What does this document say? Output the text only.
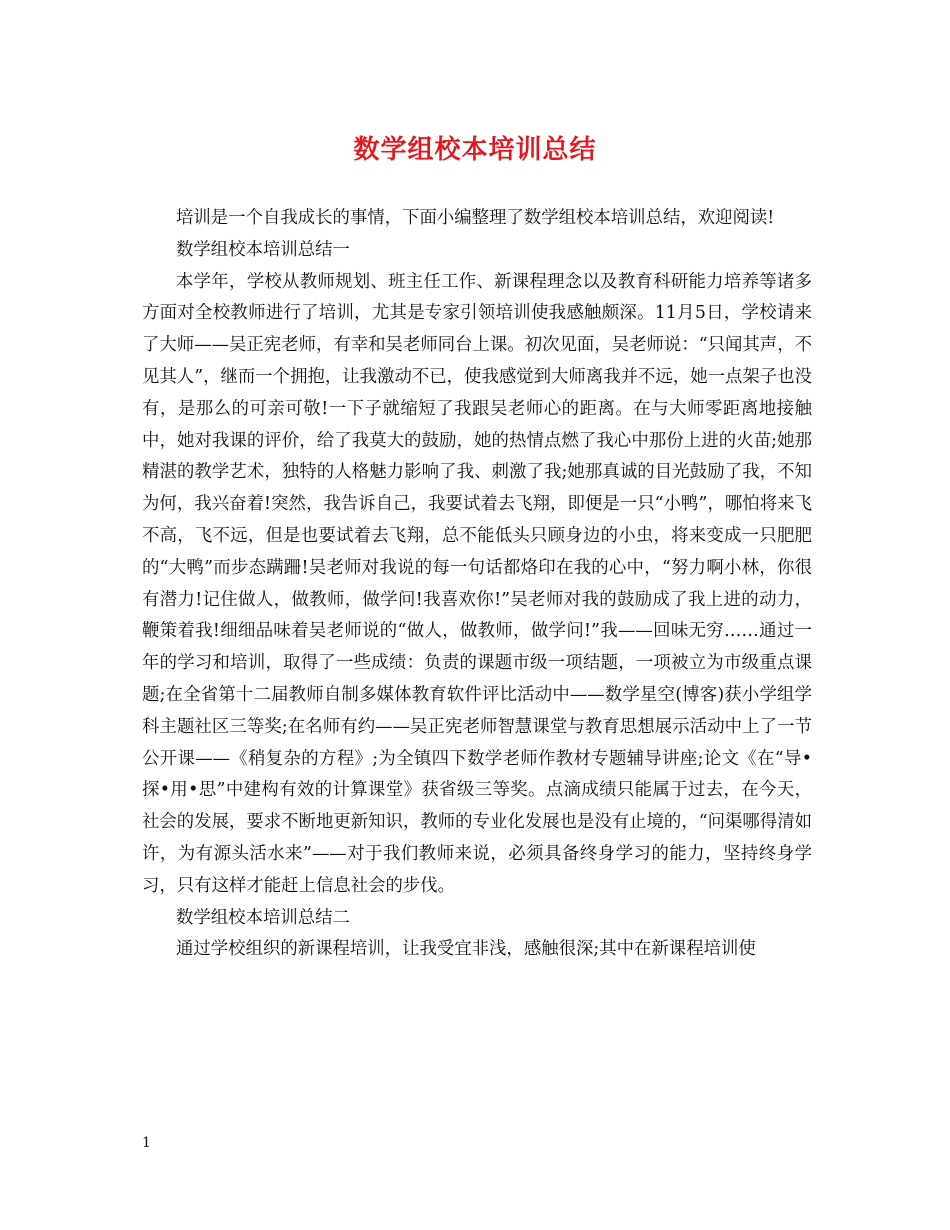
数学组校本培训总结

培训是一个自我成长的事情，下面小编整理了数学组校本培训总结，欢迎阅读!

数学组校本培训总结一

本学年，学校从教师规划、班主任工作、新课程理念以及教育科研能力培养等诸多方面对全校教师进行了培训，尤其是专家引领培训使我感触颇深。11月5日，学校请来了大师——吴正宪老师，有幸和吴老师同台上课。初次见面，吴老师说：“只闻其声，不见其人”，继而一个拥抱，让我激动不已，使我感觉到大师离我并不远，她一点架子也没有，是那么的可亲可敬!一下子就缩短了我跟吴老师心的距离。在与大师零距离地接触中，她对我课的评价，给了我莫大的鼓励，她的热情点燃了我心中那份上进的火苗;她那精湛的教学艺术，独特的人格魅力影响了我、刺激了我;她那真诚的目光鼓励了我，不知为何，我兴奋着!突然，我告诉自己，我要试着去飞翔，即便是一只“小鸭”，哪怕将来飞不高，飞不远，但是也要试着去飞翔，总不能低头只顾身边的小虫，将来变成一只肥肥的“大鸭”而步态蹒跚!吴老师对我说的每一句话都烙印在我的心中，“努力啊小林，你很有潜力!记住做人，做教师，做学问!我喜欢你!”吴老师对我的鼓励成了我上进的动力，鞭策着我!细细品味着吴老师说的“做人，做教师，做学问!”我——回味无穷……通过一年的学习和培训，取得了一些成绩：负责的课题市级一项结题，一项被立为市级重点课题;在全省第十二届教师自制多媒体教育软件评比活动中——数学星空(博客)获小学组学科主题社区三等奖;在名师有约——吴正宪老师智慧课堂与教育思想展示活动中上了一节公开课——《稍复杂的方程》;为全镇四下数学老师作教材专题辅导讲座;论文《在“导•探•用•思”中建构有效的计算课堂》获省级三等奖。点滴成绩只能属于过去，在今天，社会的发展，要求不断地更新知识，教师的专业化发展也是没有止境的，“问渠哪得清如许，为有源头活水来”——对于我们教师来说，必须具备终身学习的能力，坚持终身学习，只有这样才能赶上信息社会的步伐。

数学组校本培训总结二

通过学校组织的新课程培训，让我受宜非浅，感触很深;其中在新课程培训使

1
